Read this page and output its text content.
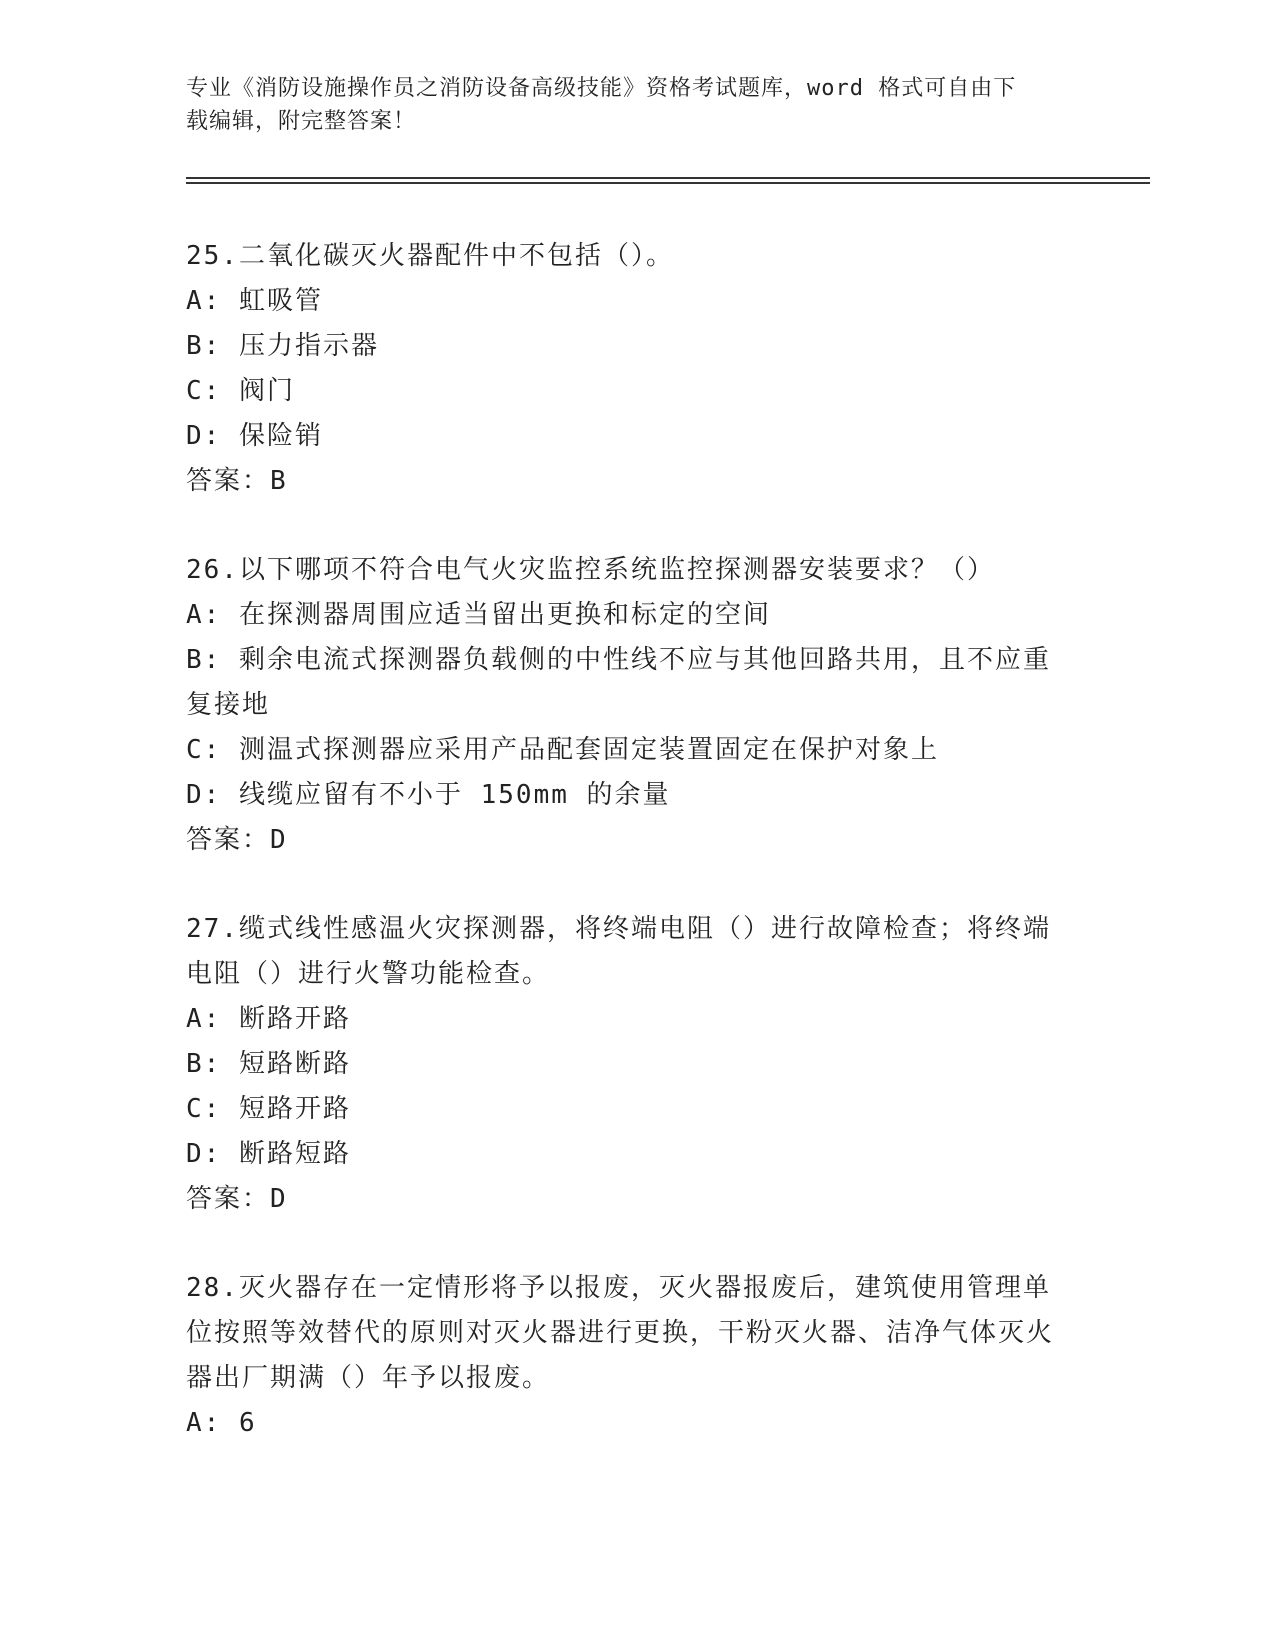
专业《消防设施操作员之消防设备高级技能》资格考试题库，word 格式可自由下
载编辑，附完整答案！
25.二氧化碳灭火器配件中不包括（）。
A: 虹吸管
B: 压力指示器
C: 阀门
D: 保险销
答案：B
26.以下哪项不符合电气火灾监控系统监控探测器安装要求？（）
A: 在探测器周围应适当留出更换和标定的空间
B: 剩余电流式探测器负载侧的中性线不应与其他回路共用，且不应重复接地
C: 测温式探测器应采用产品配套固定装置固定在保护对象上
D: 线缆应留有不小于 150mm 的余量
答案：D
27.缆式线性感温火灾探测器，将终端电阻（）进行故障检查；将终端电阻（）进行火警功能检查。
A: 断路开路
B: 短路断路
C: 短路开路
D: 断路短路
答案：D
28.灭火器存在一定情形将予以报废，灭火器报废后，建筑使用管理单位按照等效替代的原则对灭火器进行更换，干粉灭火器、洁净气体灭火器出厂期满（）年予以报废。
A: 6
